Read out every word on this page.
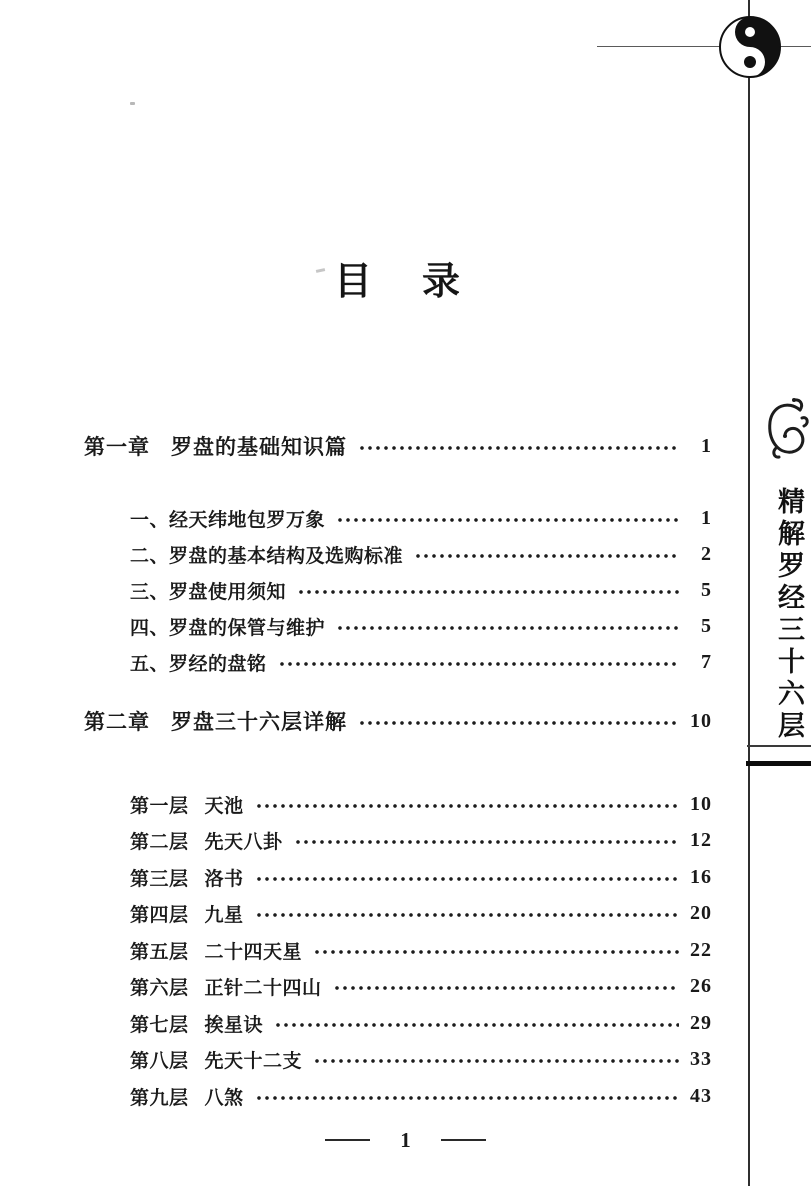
精解罗经三十六层
目　录
第一章 罗盘的基础知识篇	1
一、经天纬地包罗万象	1
二、罗盘的基本结构及选购标准	2
三、罗盘使用须知	5
四、罗盘的保管与维护	5
五、罗经的盘铭	7
第二章 罗盘三十六层详解	10
第一层 天池	10
第二层 先天八卦	12
第三层 洛书	16
第四层 九星	20
第五层 二十四天星	22
第六层 正针二十四山	26
第七层 挨星诀	29
第八层 先天十二支	33
第九层 八煞	43
1
